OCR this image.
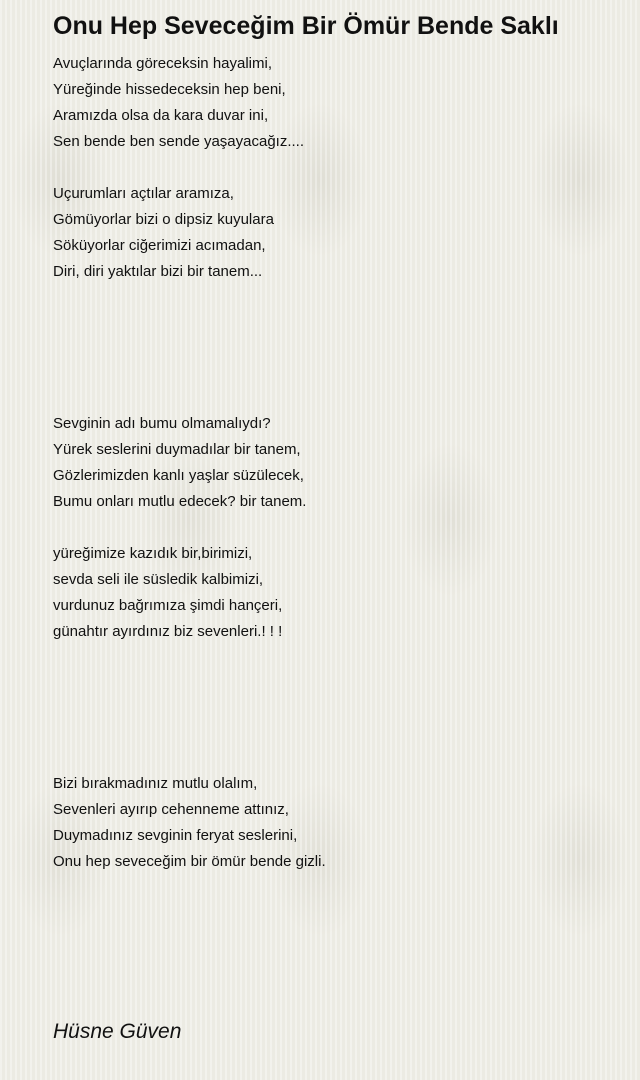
Onu Hep Seveceğim Bir Ömür Bende Saklı
Avuçlarında göreceksin hayalimi,
Yüreğinde hissedeceksin hep beni,
Aramızda olsa da kara duvar ini,
Sen bende ben sende yaşayacağız....
Uçurumları açtılar aramıza,
Gömüyorlar bizi o dipsiz kuyulara
Söküyorlar ciğerimizi acımadan,
Diri, diri yaktılar bizi bir tanem...
Sevginin adı bumu olmamalıydı?
Yürek seslerini duymadılar bir tanem,
Gözlerimizden kanlı yaşlar süzülecek,
Bumu onları mutlu edecek? bir tanem.
yüreğimize kazıdık bir,birimizi,
sevda seli ile süsledik kalbimizi,
vurdunuz bağrımıza şimdi hançeri,
günahtır ayırdınız biz sevenleri.! ! !
Bizi bırakmadınız mutlu olalım,
Sevenleri ayırıp cehenneme attınız,
Duymadınız sevginin feryat seslerini,
Onu hep seveceğim bir ömür bende gizli.
Hüsne Güven
